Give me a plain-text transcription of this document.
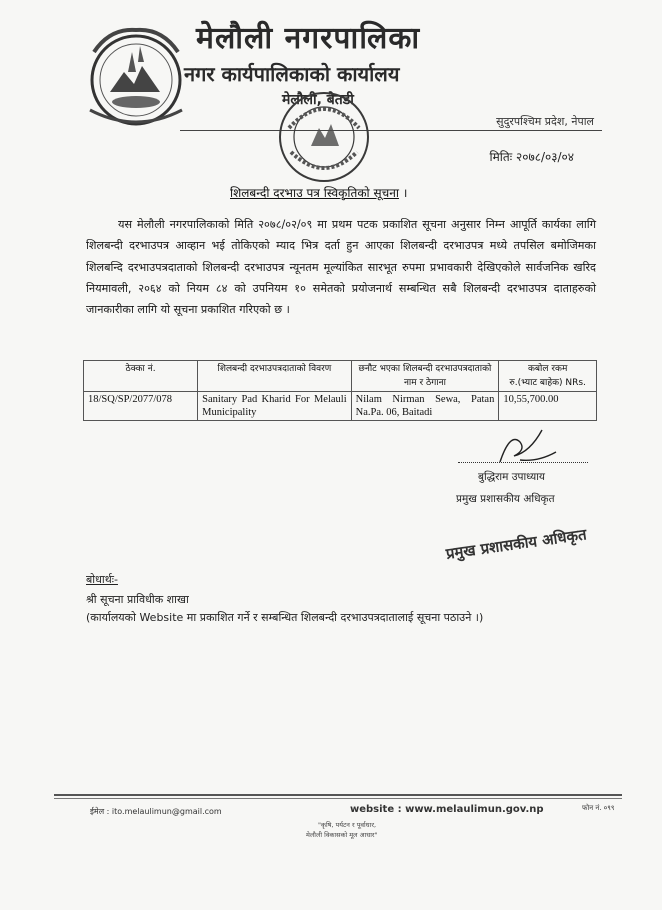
मेलौली नगरपालिका
नगर कार्यपालिकाको कार्यालय
मेलौली, बैतडी
सुदुरपश्चिम प्रदेश, नेपाल
मितिः २०७८/०३/०४
शिलबन्दी दरभाउ पत्र स्विकृतिको सूचना ।
यस मेलौली नगरपालिकाको मिति २०७८/०२/०९ मा प्रथम पटक प्रकाशित सूचना अनुसार निम्न आपूर्ति कार्यका लागि शिलबन्दी दरभाउपत्र आव्हान भई तोकिएको म्याद भित्र दर्ता हुन आएका शिलबन्दी दरभाउपत्र मध्ये तपसिल बमोजिमका शिलबन्दि दरभाउपत्रदाताको शिलबन्दी दरभाउपत्र न्यूनतम मूल्यांकित सारभूत रुपमा प्रभावकारी देखिएकोले सार्वजनिक खरिद नियमावली, २०६४ को नियम ८४ को उपनियम १० समेतको प्रयोजनार्थ सम्बन्धित सबै शिलबन्दी दरभाउपत्र दाताहरुको जानकारीका लागि यो सूचना प्रकाशित गरिएको छ ।
ठेक्का नं.	शिलबन्दी दरभाउपत्रदाताको विवरण	छनौट भएका शिलबन्दी दरभाउपत्रदाताको नाम र ठेगाना	कबोल रकम
रु.(भ्याट बाहेक) NRs.

18/SQ/SP/2077/078	Sanitary Pad Kharid For Melauli Municipality	Nilam Nirman Sewa, Patan Na.Pa. 06, Baitadi	10,55,700.00
बुद्धिराम उपाध्याय
प्रमुख प्रशासकीय अधिकृत
प्रमुख प्रशासकीय अधिकृत
बोधार्थः-
श्री सूचना प्राविधीक शाखा
(कार्यालयको Website मा प्रकाशित गर्ने र सम्बन्धित शिलबन्दी दरभाउपत्रदातालाई सूचना पठाउने ।)
ईमेल : ito.melaulimun@gmail.com	website : www.melaulimun.gov.np	फोन नं. ०९९
"कृषि, पर्यटन र पूर्वाधार,
मेलौली विकासको मूल आधार"
